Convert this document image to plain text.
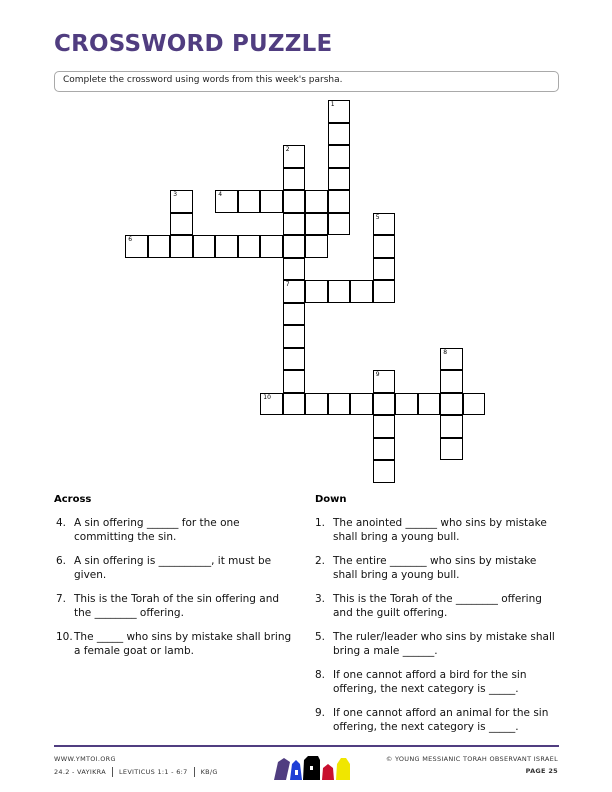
CROSSWORD PUZZLE
Complete the crossword using words from this week's parsha.
1
2
7
3	4
5
6
8
9
10
Across	Down
4. A sin offering ______ for the one committing the sin.
6. A sin offering is __________, it must be given.
7. This is the Torah of the sin offering and the ________ offering.
10. The _____ who sins by mistake shall bring a female goat or lamb.
1. The anointed ______ who sins by mistake shall bring a young bull.
2. The entire _______ who sins by mistake shall bring a young bull.
3. This is the Torah of the ________ offering and the guilt offering.
5. The ruler/leader who sins by mistake shall bring a male ______.
8. If one cannot afford a bird for the sin offering, the next category is _____.
9. If one cannot afford an animal for the sin offering, the next category is _____.
WWW.YMTOI.ORG
24.2 - VAYIKRA LEVITICUS 1:1 - 6:7 KB/G
© YOUNG MESSIANIC TORAH OBSERVANT ISRAEL
PAGE 25
